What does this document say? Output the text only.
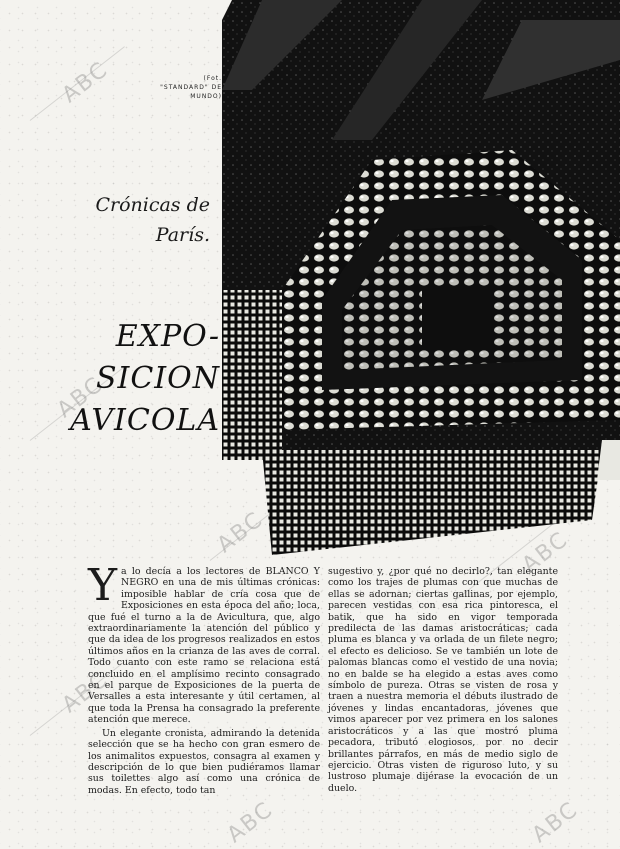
ABC
ABC
ABC
ABC
ABC
ABC	ABC
(Fot. "STANDARD" DE MUNDO)
Crónicas de
París.
EXPO-
SICION
AVICOLA

Ya lo decía a los lectores de BLANCO Y NEGRO en una de mis últimas crónicas: imposible hablar de cría cosa que de Exposiciones en esta época del año; loca, que fué el turno a la de Avicultura, que, algo extraordinariamente la atención del público y que da idea de los progresos realizados en estos últimos años en la crianza de las aves de corral. Todo cuanto con este ramo se relaciona está concluido en el amplísimo recinto consagrado en el parque de Exposiciones de la puerta de Versalles a esta interesante y útil certamen, al que toda la Prensa ha consagrado la preferente atención que merece.

Un elegante cronista, admirando la detenida selección que se ha hecho con gran esmero de los animalitos expuestos, consagra al examen y descripción de lo que bien pudiéramos llamar sus toilettes algo así como una crónica de modas. En efecto, todo tan

sugestivo y, ¿por qué no decirlo?, tan elegante como los trajes de plumas con que muchas de ellas se adornan; ciertas gallinas, por ejemplo, parecen vestidas con esa rica pintoresca, el batik, que ha sido en vigor temporada predilecta de las damas aristocráticas; cada pluma es blanca y va orlada de un filete negro; el efecto es delicioso. Se ve también un lote de palomas blancas como el vestido de una novia; no en balde se ha elegido a estas aves como símbolo de pureza. Otras se visten de rosa y traen a nuestra memoria el débuts ilustrado de jóvenes y lindas encantadoras, jóvenes que vimos aparecer por vez primera en los salones aristocráticos y a las que mostró pluma pecadora, tributó elogiosos, por no decir brillantes párrafos, en más de medio siglo de ejercicio. Otras visten de riguroso luto, y su lustroso plumaje dijérase la evocación de un duelo.
